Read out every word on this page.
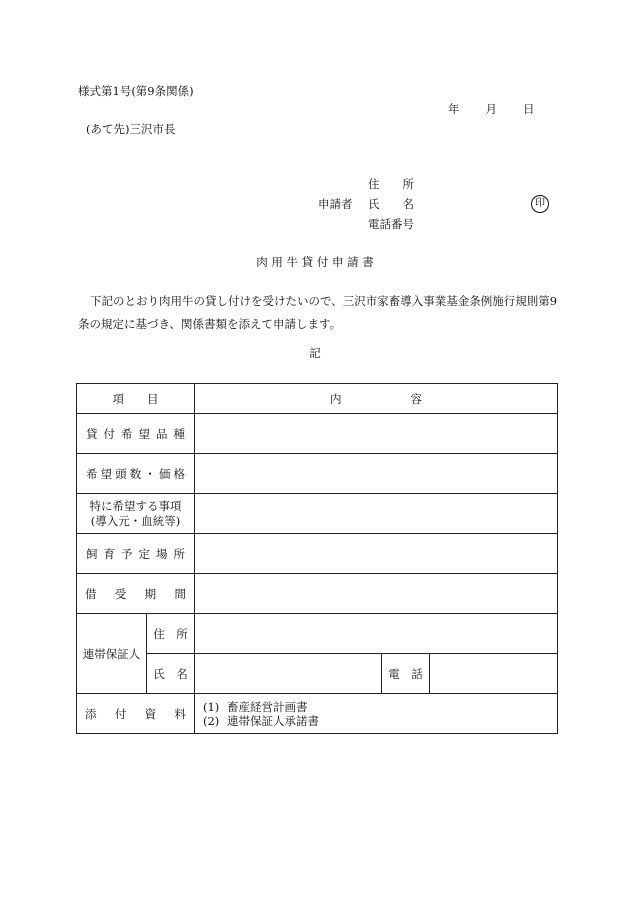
様式第1号(第9条関係)
年 月 日
(あて先)三沢市長
申請者
住　　所
氏　　名
電話番号
印
肉 用 牛 貸 付 申 請 書
下記のとおり肉用牛の貸し付けを受けたいので、三沢市家畜導入事業基金条例施行規則第9条の規定に基づき、関係書類を添えて申請します。
記
項　　目		内　　　　　　容		
貸付希望品種				
希望頭数・価格				

特に希望する事項
(導入元・血統等)				

飼育予定場所				
借受期間				
連帯保証人	住　所			
	氏　名		電　話	
添付資料		(1) 畜産経営計画書
(2) 連帯保証人承諾書		
